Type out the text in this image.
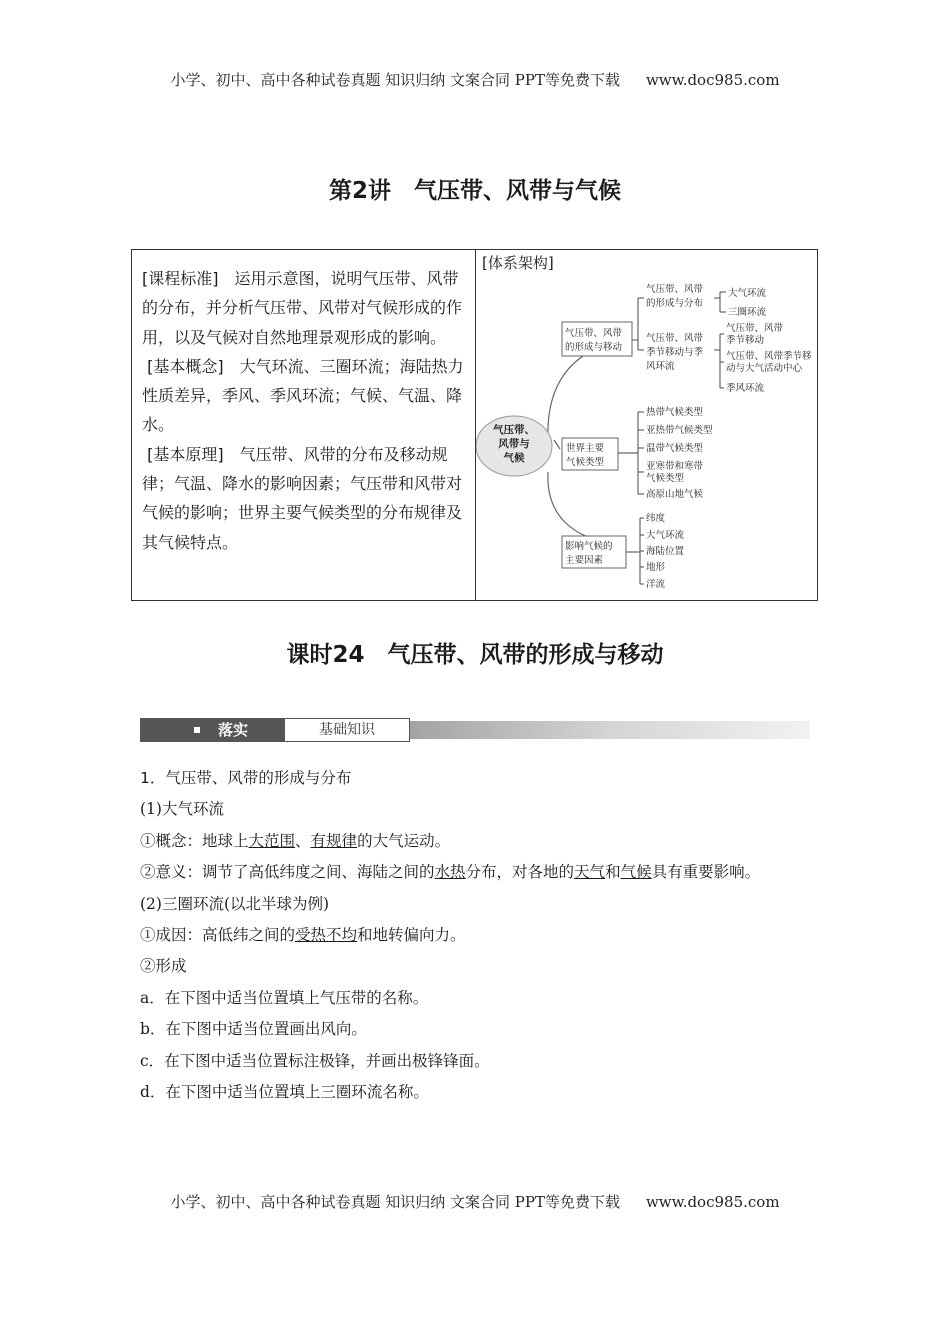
小学、初中、高中各种试卷真题 知识归纳 文案合同 PPT等免费下载 www.doc985.com
第2讲　气压带、风带与气候

[课程标准]　运用示意图，说明气压带、风带的分布，并分析气压带、风带对气候形成的作用，以及气候对自然地理景观形成的影响。

[基本概念]　大气环流、三圈环流；海陆热力性质差异，季风、季风环流；气候、气温、降水。

[基本原理]　气压带、风带的分布及移动规律；气温、降水的影响因素；气压带和风带对气候的影响；世界主要气候类型的分布规律及其气候特点。

[体系架构]
气压带、
风带与
气候
气压带、风带
的形成与移动
世界主要
气候类型
影响气候的
主要因素
气压带、风带
的形成与分布
气压带、风带
季节移动与季
风环流
大气环流
三圈环流
气压带、风带
季节移动
气压带、风带季节移
动与大气活动中心
季风环流
热带气候类型
亚热带气候类型
温带气候类型
亚寒带和寒带
气候类型
高原山地气候
纬度
大气环流
海陆位置
地形
洋流
课时24　气压带、风带的形成与移动
落实	基础知识
1．气压带、风带的形成与分布
(1)大气环流
①概念：地球上大范围、有规律的大气运动。
②意义：调节了高低纬度之间、海陆之间的水热分布，对各地的天气和气候具有重要影响。
(2)三圈环流(以北半球为例)
①成因：高低纬之间的受热不均和地转偏向力。
②形成
a．在下图中适当位置填上气压带的名称。
b．在下图中适当位置画出风向。
c．在下图中适当位置标注极锋，并画出极锋锋面。
d．在下图中适当位置填上三圈环流名称。
小学、初中、高中各种试卷真题 知识归纳 文案合同 PPT等免费下载 www.doc985.com
